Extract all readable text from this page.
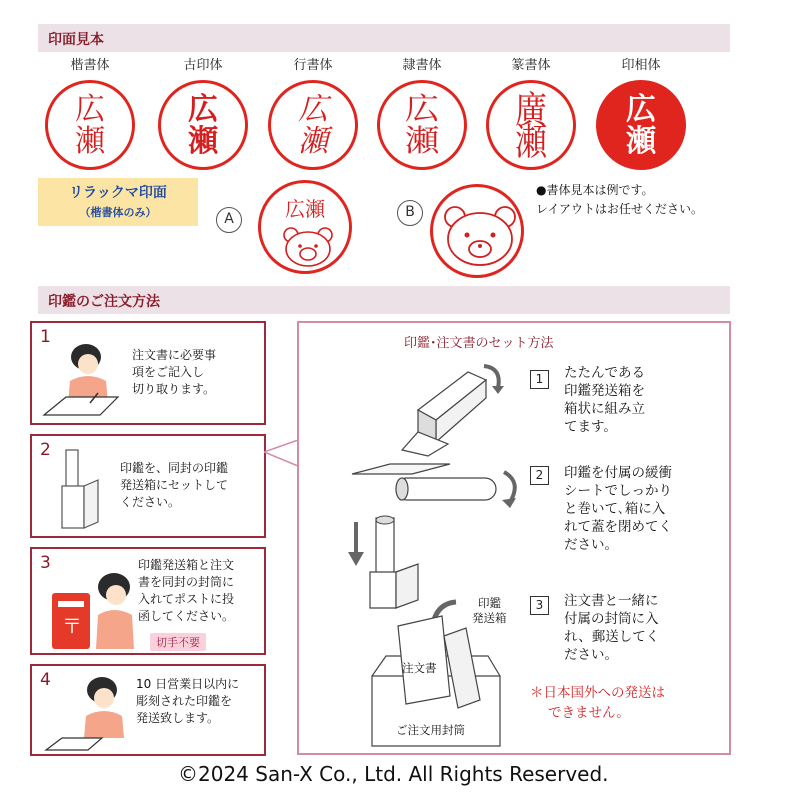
印面見本
楷書体	古印体	行書体	隷書体	篆書体	印相体
広
瀬
広
瀬
広
瀬
広
瀬
廣
瀬
広
瀬
リラックマ印面
（楷書体のみ）	A	広瀬	B
●書体見本は例です。
レイアウトはお任せください。
印鑑のご注文方法
1
注文書に必要事
項をご記入し
切り取ります。
2
印鑑を、同封の印鑑
発送箱にセットして
ください。
3
〒
印鑑発送箱と注文
書を同封の封筒に
入れてポストに投
函してください。
切手不要
4	10 日営業日以内に
彫刻された印鑑を
発送致します。
印鑑･注文書のセット方法
注文書
ご注文用封筒
印鑑
発送箱
1	たたんである
印鑑発送箱を
箱状に組み立
てます。
2	印鑑を付属の緩衝
シートでしっかり
と巻いて､箱に入
れて蓋を閉めてく
ださい。
3	注文書と一緒に
付属の封筒に入
れ、郵送してく
ださい。
＊日本国外への発送は
できません。
©2024 San-X Co., Ltd. All Rights Reserved.
